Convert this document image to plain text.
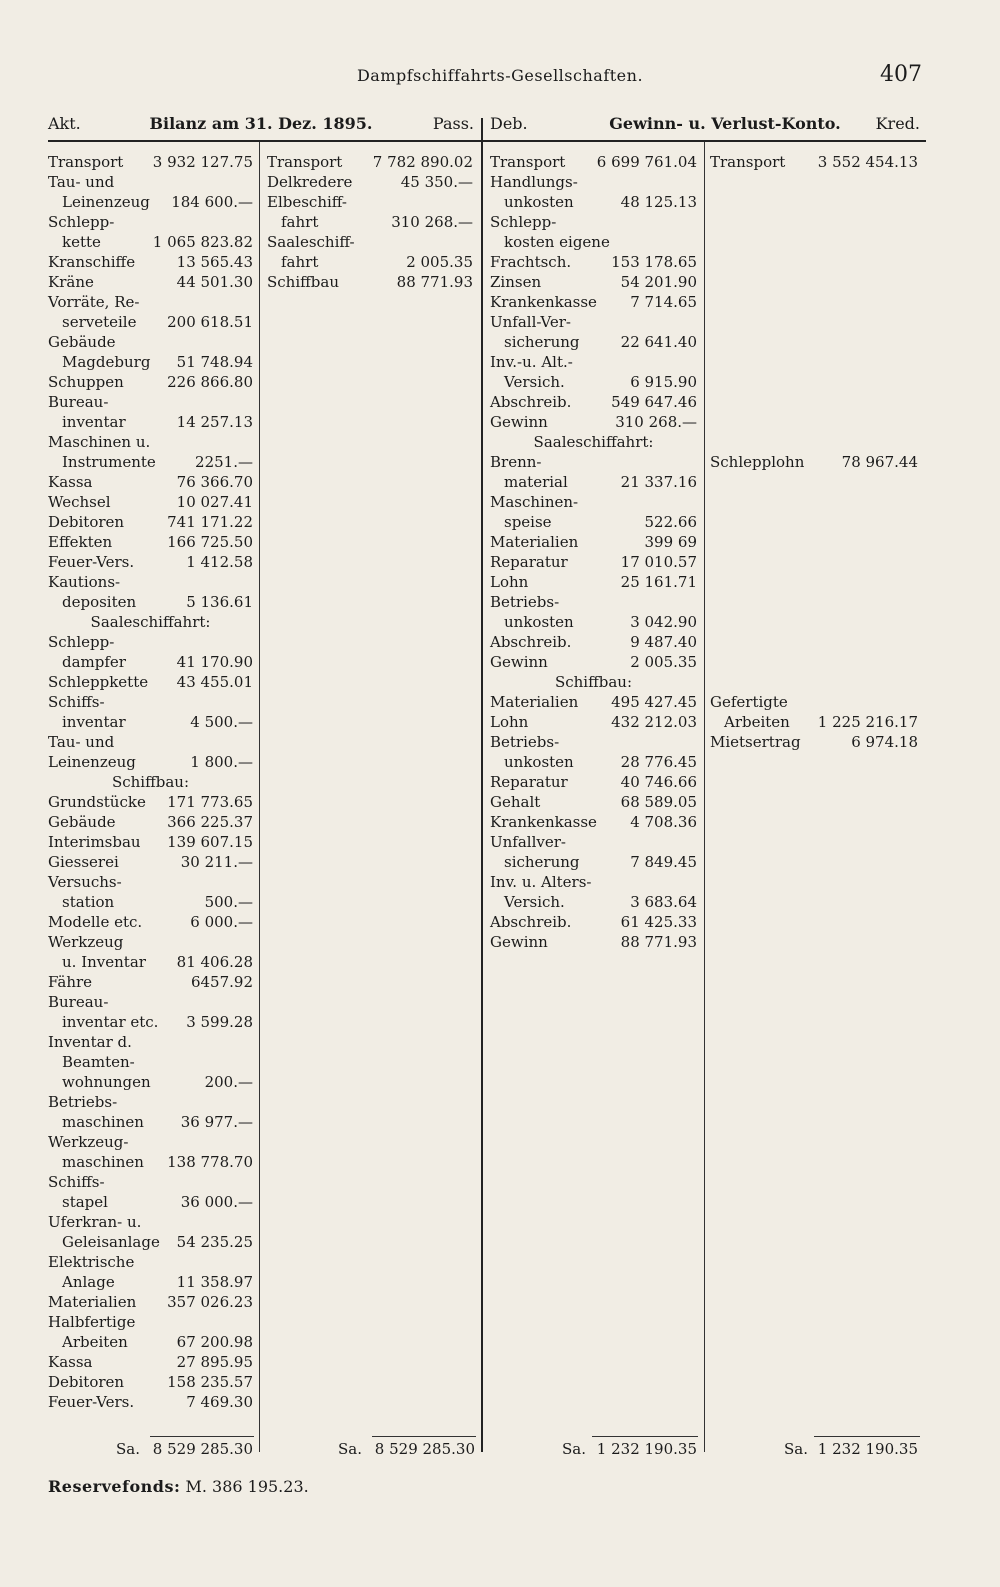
Dampfschiffahrts-Gesellschaften.	407
Akt.	Bilanz am 31. Dez. 1895.	Pass. Deb.	Gewinn- u. Verlust-Konto.	Kred.
Transport 3 932 127.75
Tau- und
Leinenzeug 184 600.—
Schlepp-
kette	1 065 823.82
Kranschiffe	13 565.43
Kräne	44 501.30
Vorräte, Re-
serveteile 200 618.51
Gebäude
Magdeburg 51 748.94
Schuppen	226 866.80
Bureau-
inventar	14 257.13
Maschinen u.
Instrumente	2251.—
Kassa	76 366.70
Wechsel	10 027.41
Debitoren	741 171.22
Effekten	166 725.50
Feuer-Vers.	1 412.58
Kautions-
depositen	5 136.61
Saaleschiffahrt:
Schlepp-
dampfer	41 170.90
Schleppkette 43 455.01
Schiffs-
inventar	4 500.—
Tau- und
Leinenzeug	1 800.—
Schiffbau:
Grundstücke 171 773.65
Gebäude	366 225.37
Interimsbau 139 607.15
Giesserei	30 211.—
Versuchs-
station	500.—
Modelle etc.	6 000.—
Werkzeug
u. Inventar 81 406.28
Fähre	6457.92
Bureau-
inventar etc. 3 599.28
Inventar d.
Beamten-
wohnungen	200.—
Betriebs-
maschinen 36 977.—
Werkzeug-
maschinen 138 778.70
Schiffs-
stapel	36 000.—
Uferkran- u.
Geleisanlage 54 235.25
Elektrische
Anlage	11 358.97
Materialien 357 026.23
Halbfertige
Arbeiten	67 200.98
Kassa	27 895.95
Debitoren	158 235.57
Feuer-Vers.	7 469.30
Transport 7 782 890.02
Delkredere	45 350.—
Elbeschiff-
fahrt	310 268.—
Saaleschiff-
fahrt	2 005.35
Schiffbau	88 771.93
Transport 6 699 761.04
Handlungs-
unkosten	48 125.13
Schlepp-
kosten eigene
Frachtsch.	153 178.65
Zinsen	54 201.90
Krankenkasse 7 714.65
Unfall-Ver-
sicherung	22 641.40
Inv.-u. Alt.-
Versich.	6 915.90
Abschreib.	549 647.46
Gewinn	310 268.—
Saaleschiffahrt:
Brenn-
material	21 337.16
Maschinen-
speise	522.66
Materialien	399 69
Reparatur	17 010.57
Lohn	25 161.71
Betriebs-
unkosten	3 042.90
Abschreib.	9 487.40
Gewinn	2 005.35
Schiffbau:
Materialien 495 427.45
Lohn	432 212.03
Betriebs-
unkosten	28 776.45
Reparatur	40 746.66
Gehalt	68 589.05
Krankenkasse 4 708.36
Unfallver-
sicherung	7 849.45
Inv. u. Alters-
Versich.	3 683.64
Abschreib.	61 425.33
Gewinn	88 771.93
Transport 3 552 454.13
Schlepplohn 78 967.44
Gefertigte
Arbeiten 1 225 216.17
Mietsertrag	6 974.18
Sa. 8 529 285.30	Sa. 8 529 285.30	Sa. 1 232 190.35	Sa. 1 232 190.35
Reservefonds: M. 386 195.23.
